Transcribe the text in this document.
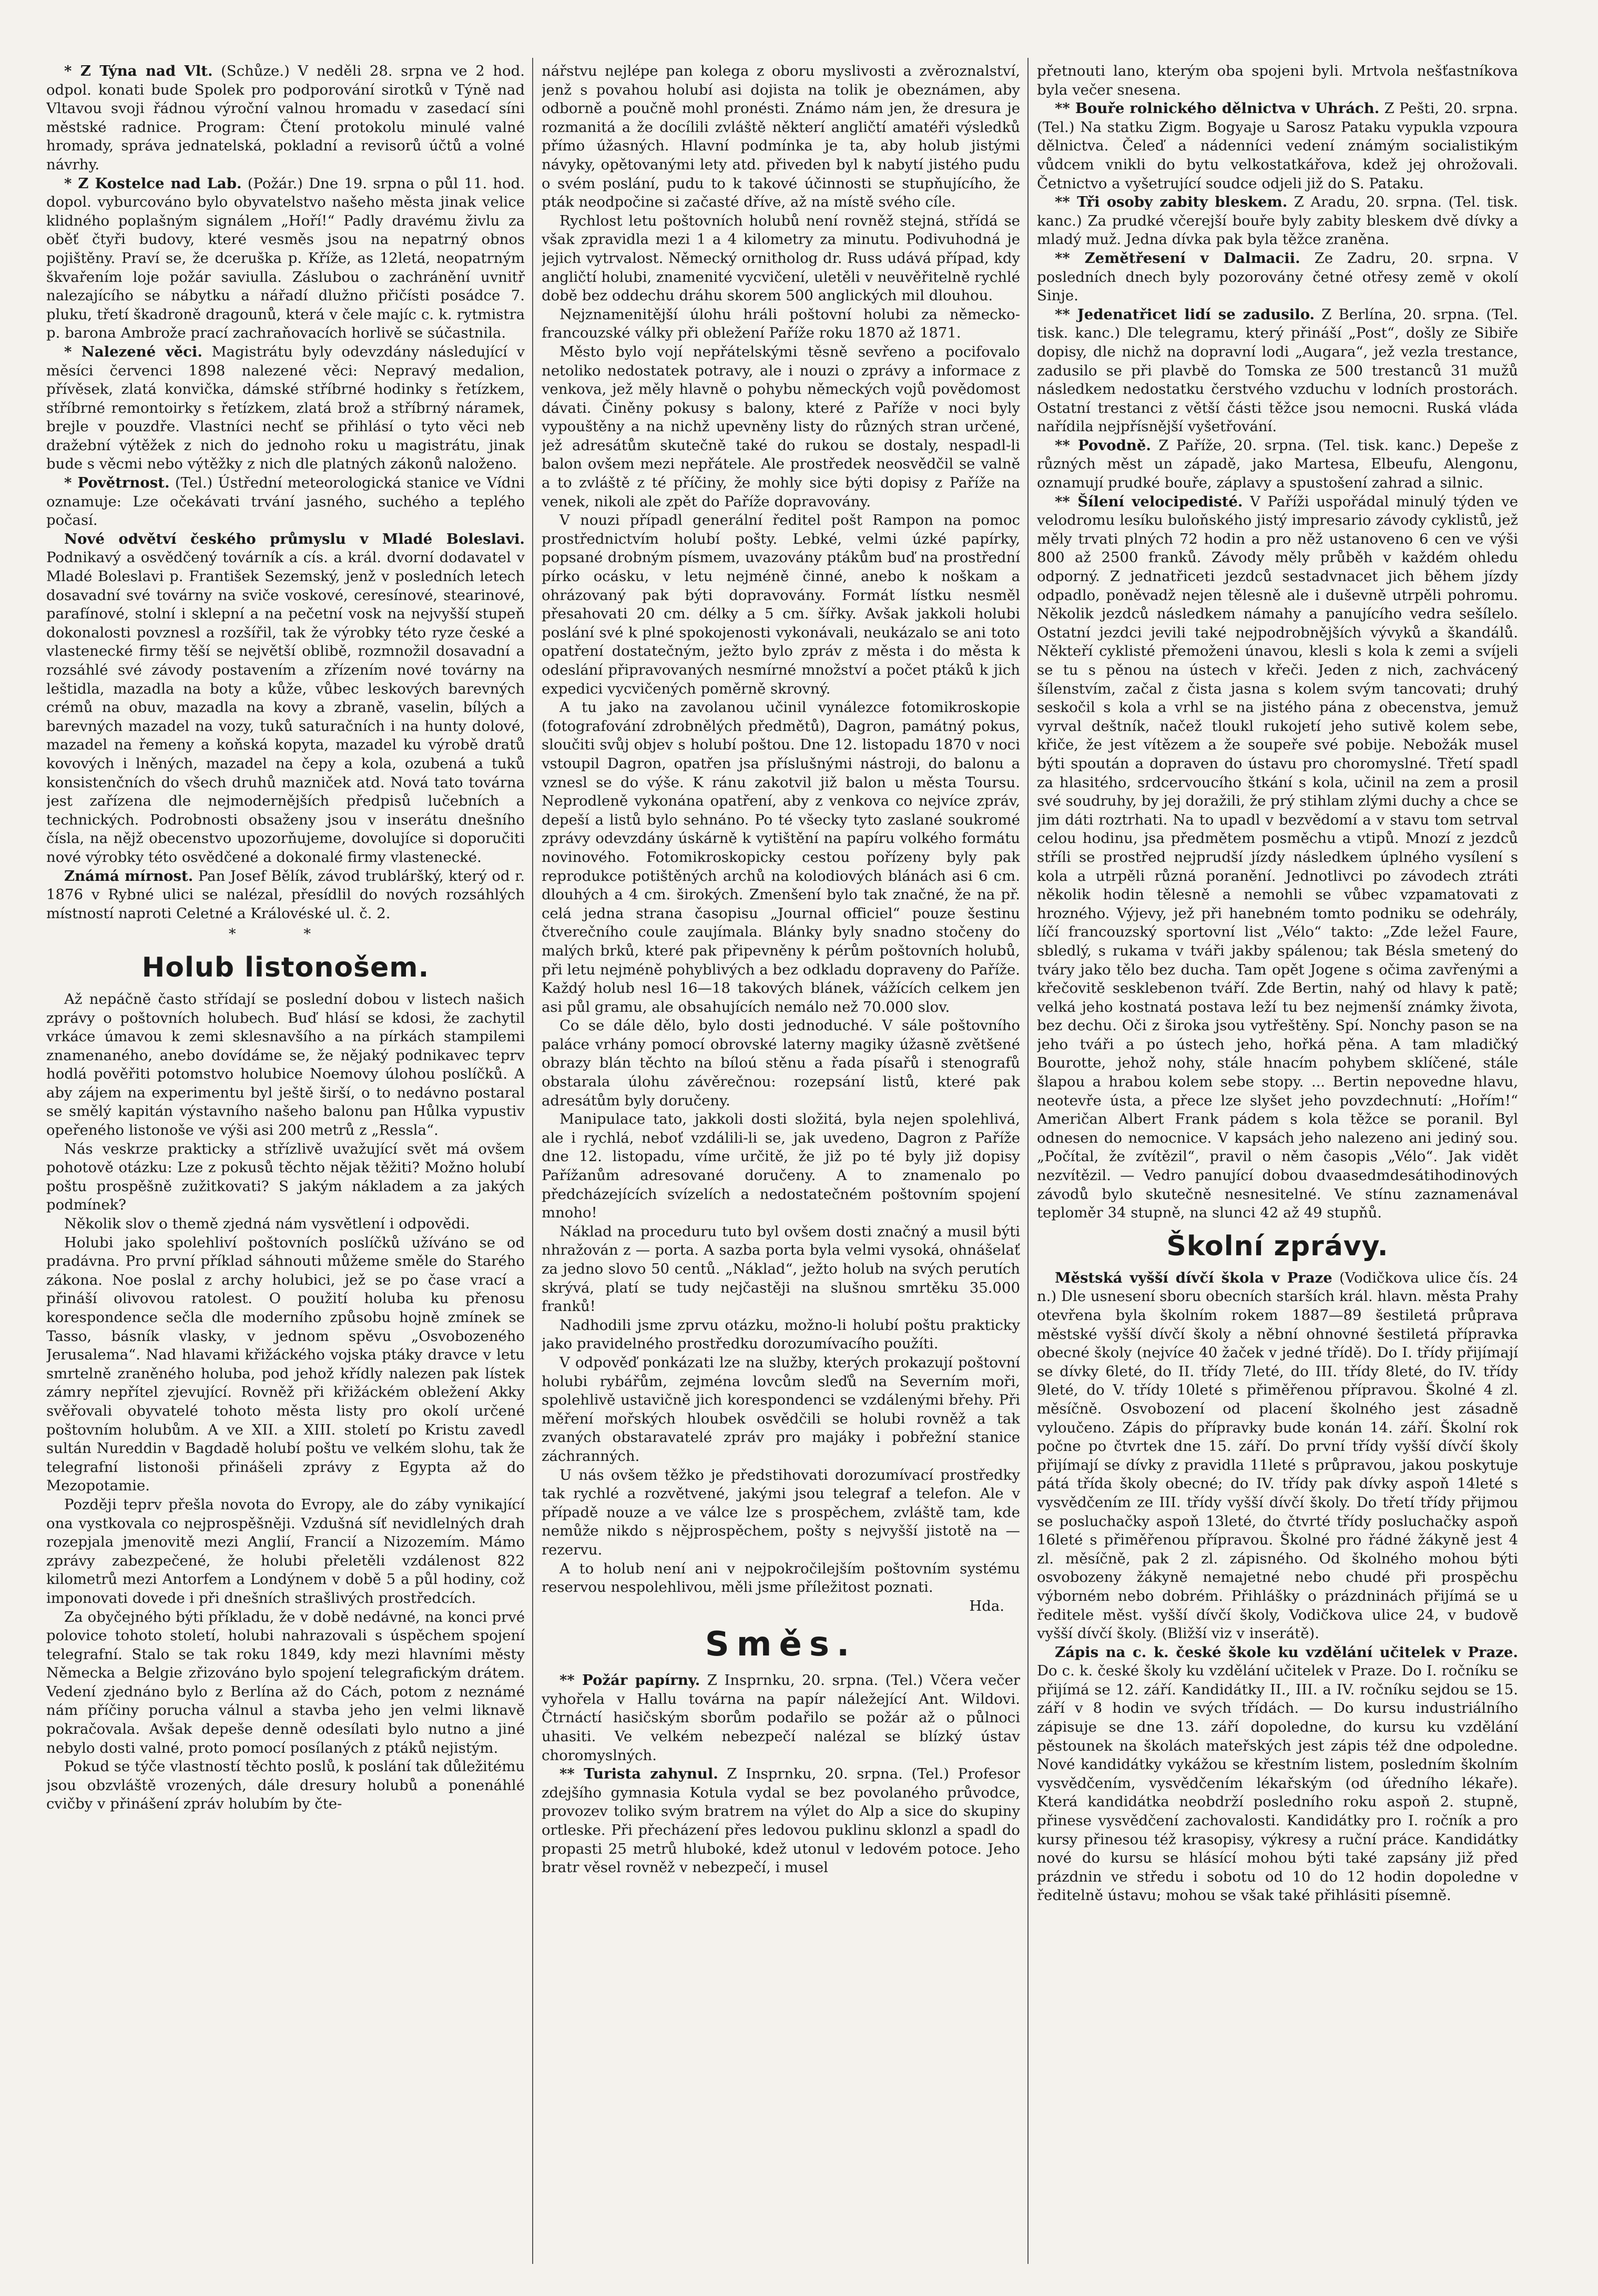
* Z Týna nad Vlt. (Schůze.) V neděli 28. srpna ve 2 hod. odpol. konati bude Spolek pro podporování sirotků v Týně nad Vltavou svoji řádnou výroční valnou hromadu v zasedací síni městské radnice. Program: Čtení protokolu minulé valné hromady, správa jednatelská, pokladní a revisorů účtů a volné návrhy.

* Z Kostelce nad Lab. (Požár.) Dne 19. srpna o půl 11. hod. dopol. vyburcováno bylo obyvatelstvo našeho města jinak velice klidného poplašným signálem „Hoří!“ Padly dravému živlu za oběť čtyři budovy, které vesměs jsou na nepatrný obnos pojištěny. Praví se, že dceruška p. Kříže, as 12letá, neopatrným škvařením loje požár saviulla. Záslubou o zachránění uvnitř nalezajícího se nábytku a nářadí dlužno přičísti posádce 7. pluku, třetí škadroně dragounů, která v čele majíc c. k. rytmistra p. barona Ambrože prací zachraňovacích horlivě se súčastnila.

* Nalezené věci. Magistrátu byly odevzdány následující v měsíci červenci 1898 nalezené věci: Nepravý medalion, přívěsek, zlatá konvička, dámské stříbrné hodinky s řetízkem, stříbrné remontoirky s řetízkem, zlatá brož a stříbrný náramek, brejle v pouzdře. Vlastníci nechť se přihlásí o tyto věci neb dražební výtěžek z nich do jednoho roku u magistrátu, jinak bude s věcmi nebo výtěžky z nich dle platných zákonů naloženo.

* Povětrnost. (Tel.) Ústřední meteorologická stanice ve Vídni oznamuje: Lze očekávati trvání jasného, suchého a teplého počasí.

Nové odvětví českého průmyslu v Mladé Boleslavi. Podnikavý a osvědčený továrník a cís. a král. dvorní dodavatel v Mladé Boleslavi p. František Sezemský, jenž v posledních letech dosavadní své továrny na sviče voskové, ceresínové, stearinové, parafínové, stolní i sklepní a na pečetní vosk na nejvyšší stupeň dokonalosti povznesl a rozšířil, tak že výrobky této ryze české a vlastenecké firmy těší se největší oblibě, rozmnožil dosavadní a rozsáhlé své závody postavením a zřízením nové továrny na leštidla, mazadla na boty a kůže, vůbec leskových barevných crémů na obuv, mazadla na kovy a zbraně, vaselin, bílých a barevných mazadel na vozy, tuků saturačních i na hunty dolové, mazadel na řemeny a koňská kopyta, mazadel ku výrobě dratů kovových i lněných, mazadel na čepy a kola, ozubená a tuků konsistenčních do všech druhů mazniček atd. Nová tato továrna jest zařízena dle nejmodernějších předpisů lučebních a technických. Podrobnosti obsaženy jsou v inserátu dnešního čísla, na nějž obecenstvo upozorňujeme, dovolujíce si doporučiti nové výrobky této osvědčené a dokonalé firmy vlastenecké.

Známá mírnost. Pan Josef Bělík, závod trubláršký, který od r. 1876 v Rybné ulici se nalézal, přesídlil do nových rozsáhlých místností naproti Celetné a Královéské ul. č. 2.

* *
Holub listonošem.

Až nepáčně často střídají se poslední dobou v listech našich zprávy o poštovních holubech. Buď hlásí se kdosi, že zachytil vrkáce úmavou k zemi sklesnavšího a na pírkách stampilemi znamenaného, anebo dovídáme se, že nějaký podnikavec teprv hodlá pověřiti potomstvo holubice Noemovy úlohou poslíčků. A aby zájem na experimentu byl ještě širší, o to nedávno postaral se smělý kapitán výstavního našeho balonu pan Hůlka vypustiv opeřeného listonoše ve výši asi 200 metrů z „Ressla“.

Nás veskrze prakticky a střízlivě uvažující svět má ovšem pohotově otázku: Lze z pokusů těchto nějak těžiti? Možno holubí poštu prospěšně zužitkovati? S jakým nákladem a za jakých podmínek?

Několik slov o themě zjedná nám vysvětlení i odpovědi.

Holubi jako spolehliví poštovních poslíčků užíváno se od pradávna. Pro první příklad sáhnouti můžeme směle do Starého zákona. Noe poslal z archy holubici, jež se po čase vrací a přináší olivovou ratolest. O použití holuba ku přenosu korespondence sečla dle moderního způsobu hojně zmínek se Tasso, básník vlasky, v jednom spěvu „Osvobozeného Jerusalema“. Nad hlavami křižáckého vojska ptáky dravce v letu smrtelně zraněného holuba, pod jehož křídly nalezen pak lístek zámry nepřítel zjevující. Rovněž při křižáckém obležení Akky svěřovali obyvatelé tohoto města listy pro okolí určené poštovním holubům. A ve XII. a XIII. století po Kristu zavedl sultán Nureddin v Bagdadě holubí poštu ve velkém slohu, tak že telegrafní listonoši přinášeli zprávy z Egypta až do Mezopotamie.

Později teprv přešla novota do Evropy, ale do záby vynikající ona vystkovala co nejprospěšněji. Vzdušná síť nevidlelných drah rozepjala jmenovitě mezi Anglií, Francií a Nizozemím. Mámo zprávy zabezpečené, že holubi přeletěli vzdálenost 822 kilometrů mezi Antorfem a Londýnem v době 5 a půl hodiny, což imponovati dovede i při dnešních strašlivých prostředcích.

Za obyčejného býti příkladu, že v době nedávné, na konci prvé polovice tohoto století, holubi nahrazovali s úspěchem spojení telegrafní. Stalo se tak roku 1849, kdy mezi hlavními městy Německa a Belgie zřizováno bylo spojení telegrafickým drátem. Vedení zjednáno bylo z Berlína až do Cách, potom z neznámé nám příčiny porucha válnul a stavba jeho jen velmi liknavě pokračovala. Avšak depeše denně odesílati bylo nutno a jiné nebylo dosti valné, proto pomocí posílaných z ptáků nejistým.

Pokud se týče vlastností těchto poslů, k poslání tak důležitému jsou obzvláště vrozených, dále dresury holubů a ponenáhlé cvičby v přinášení zpráv holubím by čte-

nářstvu nejlépe pan kolega z oboru myslivosti a zvěroznalství, jenž s povahou holubí asi dojista na tolik je obeznámen, aby odborně a poučně mohl pronésti. Známo nám jen, že dresura je rozmanitá a že docílili zvláště některí angličtí amatéři výsledků přímo úžasných. Hlavní podmínka je ta, aby holub jistými návyky, opětovanými lety atd. přiveden byl k nabytí jistého pudu o svém poslání, pudu to k takové účinnosti se stupňujícího, že pták neodpočine si začasté dříve, až na místě svého cíle.

Rychlost letu poštovních holubů není rovněž stejná, střídá se však zpravidla mezi 1 a 4 kilometry za minutu. Podivuhodná je jejich vytrvalost. Německý ornitholog dr. Russ udává případ, kdy angličtí holubi, znamenité vycvičení, uletěli v neuvěřitelně rychlé době bez oddechu dráhu skorem 500 anglických mil dlouhou.

Nejznamenitější úlohu hráli poštovní holubi za německo-francouzské války při obležení Paříže roku 1870 až 1871.

Město bylo vojí nepřátelskými těsně sevřeno a pocifovalo netoliko nedostatek potravy, ale i nouzi o zprávy a informace z venkova, jež měly hlavně o pohybu německých vojů povědomost dávati. Činěny pokusy s balony, které z Paříže v noci byly vypouštěny a na nichž upevněny listy do různých stran určené, jež adresátům skutečně také do rukou se dostaly, nespadl-li balon ovšem mezi nepřátele. Ale prostředek neosvědčil se valně a to zvláště z té příčiny, že mohly sice býti dopisy z Paříže na venek, nikoli ale zpět do Paříže dopravovány.

V nouzi případl generální ředitel pošt Rampon na pomoc prostřednictvím holubí pošty. Lebké, velmi úzké papírky, popsané drobným písmem, uvazovány ptákům buď na prostřední pírko ocásku, v letu nejméně činné, anebo k noškam a ohrázovaný pak býti dopravovány. Formát lístku nesměl přesahovati 20 cm. délky a 5 cm. šířky. Avšak jakkoli holubi poslání své k plné spokojenosti vykonávali, neukázalo se ani toto opatření dostatečným, ježto bylo zpráv z města i do města k odeslání připravovaných nesmírné množství a počet ptáků k jich expedici vycvičených poměrně skrovný.

A tu jako na zavolanou učinil vynálezce fotomikroskopie (fotografování zdrobnělých předmětů), Dagron, památný pokus, sloučiti svůj objev s holubí poštou. Dne 12. listopadu 1870 v noci vstoupil Dagron, opatřen jsa příslušnými nástroji, do balonu a vznesl se do výše. K ránu zakotvil již balon u města Toursu. Neprodleně vykonána opatření, aby z venkova co nejvíce zpráv, depeší a listů bylo sehnáno. Po té všecky tyto zaslané soukromé zprávy odevzdány úskárně k vytištění na papíru volkého formátu novinového. Fotomikroskopicky cestou pořízeny byly pak reprodukce potištěných archů na kolodiových blánách asi 6 cm. dlouhých a 4 cm. širokých. Zmenšení bylo tak značné, že na př. celá jedna strana časopisu „Journal officiel“ pouze šestinu čtverečního coule zaujímala. Blánky byly snadno stočeny do malých brků, které pak připevněny k pérům poštovních holubů, při letu nejméně pohyblivých a bez odkladu dopraveny do Paříže. Každý holub nesl 16—18 takových blánek, vážících celkem jen asi půl gramu, ale obsahujících nemálo než 70.000 slov.

Co se dále dělo, bylo dosti jednoduché. V sále poštovního paláce vrhány pomocí obrovské laterny magiky úžasně zvětšené obrazy blán těchto na bíloú stěnu a řada písařů i stenografů obstarala úlohu závěrečnou: rozepsání listů, které pak adresátům byly doručeny.

Manipulace tato, jakkoli dosti složitá, byla nejen spolehlivá, ale i rychlá, neboť vzdálili-li se, jak uvedeno, Dagron z Paříže dne 12. listopadu, víme určitě, že již po té byly již dopisy Pařížanům adresované doručeny. A to znamenalo po předcházejících svízelích a nedostatečném poštovním spojení mnoho!

Náklad na proceduru tuto byl ovšem dosti značný a musil býti nhražován z — porta. A sazba porta byla velmi vysoká, ohnášelať za jedno slovo 50 centů. „Náklad“, ježto holub na svých perutích skrývá, platí se tudy nejčastěji na slušnou smrtěku 35.000 franků!

Nadhodili jsme zprvu otázku, možno-li holubí poštu prakticky jako pravidelného prostředku dorozumívacího použíti.

V odpověď ponkázati lze na služby, kterých prokazují poštovní holubi rybářům, zejména lovcům sleďů na Severním moři, spolehlivě ustavičně jich korespondenci se vzdálenými břehy. Při měření mořských hloubek osvědčili se holubi rovněž a tak zvaných obstaravatelé zpráv pro majáky i pobřežní stanice záchranných.

U nás ovšem těžko je předstihovati dorozumívací prostředky tak rychlé a rozvětvené, jakými jsou telegraf a telefon. Ale v případě nouze a ve válce lze s prospěchem, zvláště tam, kde nemůže nikdo s nějprospěchem, pošty s nejvyšší jistotě na — rezervu.

A to holub není ani v nejpokročilejším poštovním systému reservou nespolehlivou, měli jsme příležitost poznati.

Hda.

Směs.

** Požár papírny. Z Insprnku, 20. srpna. (Tel.) Včera večer vyhořela v Hallu továrna na papír náležející Ant. Wildovi. Čtrnáctí hasičským sborům podařilo se požár až o půlnoci uhasiti. Ve velkém nebezpečí nalézal se blízký ústav choromyslných.

** Turista zahynul. Z Insprnku, 20. srpna. (Tel.) Profesor zdejšího gymnasia Kotula vydal se bez povolaného průvodce, provozev toliko svým bratrem na výlet do Alp a sice do skupiny ortleske. Při přecházení přes ledovou puklinu sklonzl a spadl do propasti 25 metrů hluboké, kdež utonul v ledovém potoce. Jeho bratr věsel rovněž v nebezpečí, i musel

přetnouti lano, kterým oba spojeni byli. Mrtvola nešťastníkova byla večer snesena.

** Bouře rolnického dělnictva v Uhrách. Z Pešti, 20. srpna. (Tel.) Na statku Zigm. Bogyaje u Sarosz Pataku vypukla vzpoura dělnictva. Čeleď a nádenníci vedení známým socialistikým vůdcem vnikli do bytu velkostatkářova, kdež jej ohrožovali. Četnictvo a vyšetrující soudce odjeli již do S. Pataku.

** Tři osoby zabity bleskem. Z Aradu, 20. srpna. (Tel. tisk. kanc.) Za prudké včerejší bouře byly zabity bleskem dvě dívky a mladý muž. Jedna dívka pak byla těžce zraněna.

** Zemětřesení v Dalmacii. Ze Zadru, 20. srpna. V posledních dnech byly pozorovány četné otřesy země v okolí Sinje.

** Jedenatřicet lidí se zadusilo. Z Berlína, 20. srpna. (Tel. tisk. kanc.) Dle telegramu, který přináší „Post“, došly ze Sibiře dopisy, dle nichž na dopravní lodi „Augara“, jež vezla trestance, zadusilo se při plavbě do Tomska ze 500 trestanců 31 mužů následkem nedostatku čerstvého vzduchu v lodních prostorách. Ostatní trestanci z větší části těžce jsou nemocni. Ruská vláda nařídila nejpřísnější vyšetřování.

** Povodně. Z Paříže, 20. srpna. (Tel. tisk. kanc.) Depeše z různých měst un západě, jako Martesa, Elbeufu, Alengonu, oznamují prudké bouře, záplavy a spustošení zahrad a silnic.

** Šílení velocipedisté. V Paříži uspořádal minulý týden ve velodromu lesíku buloňského jistý impresario závody cyklistů, jež měly trvati plných 72 hodin a pro něž ustanoveno 6 cen ve výši 800 až 2500 franků. Závody měly průběh v každém ohledu odporný. Z jednatřiceti jezdců sestadvnacet jich během jízdy odpadlo, poněvadž nejen tělesně ale i duševně utrpěli pohromu. Několik jezdců následkem námahy a panujícího vedra sešílelo. Ostatní jezdci jevili také nejpodrobnějších vývyků a škandálů. Někteří cyklisté přemoženi únavou, klesli s kola k zemi a svíjeli se tu s pěnou na ústech v křeči. Jeden z nich, zachvácený šílenstvím, začal z čista jasna s kolem svým tancovati; druhý seskočil s kola a vrhl se na jistého pána z obecenstva, jemuž vyrval deštník, načež tloukl rukojetí jeho sutivě kolem sebe, křiče, že jest vítězem a že soupeře své pobije. Nebožák musel býti spoután a dopraven do ústavu pro choromyslné. Třetí spadl za hlasitého, srdcervoucího štkání s kola, učinil na zem a prosil své soudruhy, by jej doražili, že prý stihlam zlými duchy a chce se jim dáti roztrhati. Na to upadl v bezvědomí a v stavu tom setrval celou hodinu, jsa předmětem posměchu a vtipů. Mnozí z jezdců stříli se prostřed nejprudší jízdy následkem úplného vysílení s kola a utrpěli různá poranění. Jednotlivci po závodech ztráti několik hodin tělesně a nemohli se vůbec vzpamatovati z hrozného. Výjevy, jež při hanebném tomto podniku se odehrály, líčí francouzský sportovní list „Vélo“ takto: „Zde ležel Faure, sbledlý, s rukama v tváři jakby spálenou; tak Bésla smetený do tváry jako tělo bez ducha. Tam opět Jogene s očima zavřenými a křečovitě sesklebenon tváří. Zde Bertin, nahý od hlavy k patě; velká jeho kostnatá postava leží tu bez nejmenší známky života, bez dechu. Oči z široka jsou vytřeštěny. Spí. Nonchy pason se na jeho tváři a po ústech jeho, hořká pěna. A tam mladičký Bourotte, jehož nohy, stále hnacím pohybem sklíčené, stále šlapou a hrabou kolem sebe stopy. ... Bertin nepovedne hlavu, neotevře ústa, a přece lze slyšet jeho povzdechnutí: „Hořím!“ Američan Albert Frank pádem s kola těžce se poranil. Byl odnesen do nemocnice. V kapsách jeho nalezeno ani jediný sou. „Počítal, že zvítězil“, pravil o něm časopis „Vélo“. Jak vidět nezvítězil. — Vedro panující dobou dvaasedmdesátihodinových závodů bylo skutečně nesnesitelné. Ve stínu zaznamenával teploměr 34 stupně, na slunci 42 až 49 stupňů.

Školní zprávy.

Městská vyšší dívčí škola v Praze (Vodičkova ulice čís. 24 n.) Dle usnesení sboru obecních starších král. hlavn. města Prahy otevřena byla školním rokem 1887—89 šestiletá průprava městské vyšší dívčí školy a něbní ohnovné šestiletá přípravka obecné školy (nejvíce 40 žaček v jedné třídě). Do I. třídy přijímají se dívky 6leté, do II. třídy 7leté, do III. třídy 8leté, do IV. třídy 9leté, do V. třídy 10leté s přiměřenou přípravou. Školné 4 zl. měsíčně. Osvobození od placení školného jest zásadně vyloučeno. Zápis do přípravky bude konán 14. září. Školní rok počne po čtvrtek dne 15. září. Do první třídy vyšší dívčí školy přijímají se dívky z pravidla 11leté s průpravou, jakou poskytuje pátá třída školy obecné; do IV. třídy pak dívky aspoň 14leté s vysvědčením ze III. třídy vyšší dívčí školy. Do třetí třídy přijmou se posluchačky aspoň 13leté, do čtvrté třídy posluchačky aspoň 16leté s přiměřenou přípravou. Školné pro řádné žákyně jest 4 zl. měsíčně, pak 2 zl. zápisného. Od školného mohou býti osvobozeny žákyně nemajetné nebo chudé při prospěchu výborném nebo dobrém. Přihlášky o prázdninách přijímá se u ředitele měst. vyšší dívčí školy, Vodičkova ulice 24, v budově vyšší dívčí školy. (Bližší viz v inserátě).

Zápis na c. k. české škole ku vzdělání učitelek v Praze. Do c. k. české školy ku vzdělání učitelek v Praze. Do I. ročníku se přijímá se 12. září. Kandidátky II., III. a IV. ročníku sejdou se 15. září v 8 hodin ve svých třídách. — Do kursu industriálního zápisuje se dne 13. září dopoledne, do kursu ku vzdělání pěstounek na školách mateřských jest zápis též dne odpoledne. Nové kandidátky vykážou se křestním listem, posledním školním vysvědčením, vysvědčením lékařským (od úředního lékaře). Která kandidátka neobdrží posledního roku aspoň 2. stupně, přinese vysvědčení zachovalosti. Kandidátky pro I. ročník a pro kursy přinesou též krasopisy, výkresy a ruční práce. Kandidátky nové do kursu se hlásící mohou býti také zapsány již před prázdnin ve středu i sobotu od 10 do 12 hodin dopoledne v ředitelně ústavu; mohou se však také přihlásiti písemně.
